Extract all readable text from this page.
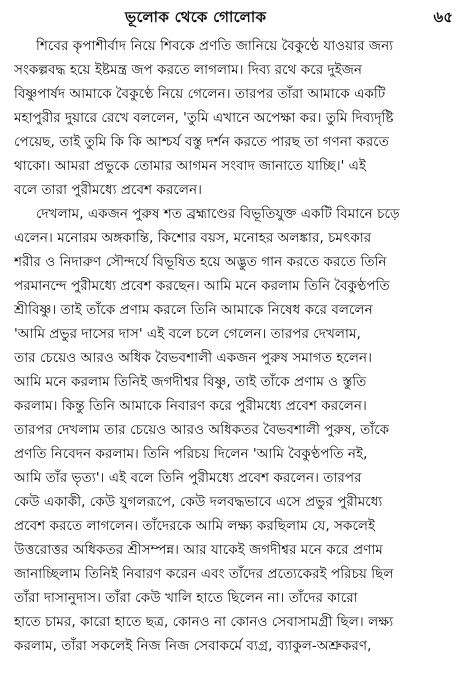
ভূলোক থেকে গোলোক	৬৫
শিবের কৃপাশীর্বাদ নিয়ে শিবকে প্রণতি জানিয়ে বৈকুণ্ঠে যাওয়ার জন্য
সংকল্পবদ্ধ হয়ে ইষ্টমন্ত্র জপ করতে লাগলাম। দিব্য রথে করে দুইজন
বিষ্ণুপার্ষদ আমাকে বৈকুণ্ঠে নিয়ে গেলেন। তারপর তাঁরা আমাকে একটি
মহাপুরীর দুয়ারে রেখে বললেন, 'তুমি এখানে অপেক্ষা কর। তুমি দিব্যদৃষ্টি
পেয়েছ, তাই তুমি কি কি আশ্চর্য বস্তু দর্শন করতে পারছ তা গণনা করতে
থাকো। আমরা প্রভুকে তোমার আগমন সংবাদ জানাতে যাচ্ছি।' এই
বলে তারা পুরীমধ্যে প্রবেশ করলেন।
দেখলাম, একজন পুরুষ শত ব্রহ্মাণ্ডের বিভূতিযুক্ত একটি বিমানে চড়ে
এলেন। মনোরম অঙ্গকান্তি, কিশোর বয়স, মনোহর অলঙ্কার, চমৎকার
শরীর ও নিদারুণ সৌন্দর্যে বিভূষিত হয়ে অদ্ভুত গান করতে করতে তিনি
পরমানন্দে পুরীমধ্যে প্রবেশ করছেন। আমি মনে করলাম তিনি বৈকুণ্ঠপতি
শ্রীবিষ্ণু। তাই তাঁকে প্রণাম করলে তিনি আমাকে নিষেধ করে বললেন
'আমি প্রভুর দাসের দাস' এই বলে চলে গেলেন। তারপর দেখলাম,
তার চেয়েও আরও অধিক বৈভবশালী একজন পুরুষ সমাগত হলেন।
আমি মনে করলাম তিনিই জগদীশ্বর বিষ্ণু, তাই তাঁকে প্রণাম ও স্তুতি
করলাম। কিন্তু তিনি আমাকে নিবারণ করে পুরীমধ্যে প্রবেশ করলেন।
তারপর দেখলাম তার চেয়েও আরও অধিকতর বৈভবশালী পুরুষ, তাঁকে
প্রণতি নিবেদন করলাম। তিনি পরিচয় দিলেন 'আমি বৈকুণ্ঠপতি নই,
আমি তাঁর ভৃত্য'। এই বলে তিনি পুরীমধ্যে প্রবেশ করলেন। তারপর
কেউ একাকী, কেউ যুগলরূপে, কেউ দলবদ্ধভাবে এসে প্রভুর পুরীমধ্যে
প্রবেশ করতে লাগলেন। তাঁদেরকে আমি লক্ষ্য করছিলাম যে, সকলেই
উত্তরোত্তর অধিকতর শ্রীসম্পন্ন। আর যাকেই জগদীশ্বর মনে করে প্রণাম
জানাচ্ছিলাম তিনিই নিবারণ করেন এবং তাঁদের প্রত্যেকেরই পরিচয় ছিল
তাঁরা দাসানুদাস। তাঁরা কেউ খালি হাতে ছিলেন না। তাঁদের কারো
হাতে চামর, কারো হাতে ছত্র, কোনও না কোনও সেবাসামগ্রী ছিল। লক্ষ্য
করলাম, তাঁরা সকলেই নিজ নিজ সেবাকর্মে ব্যগ্র, ব্যাকুল-অশ্রুকরণ,
